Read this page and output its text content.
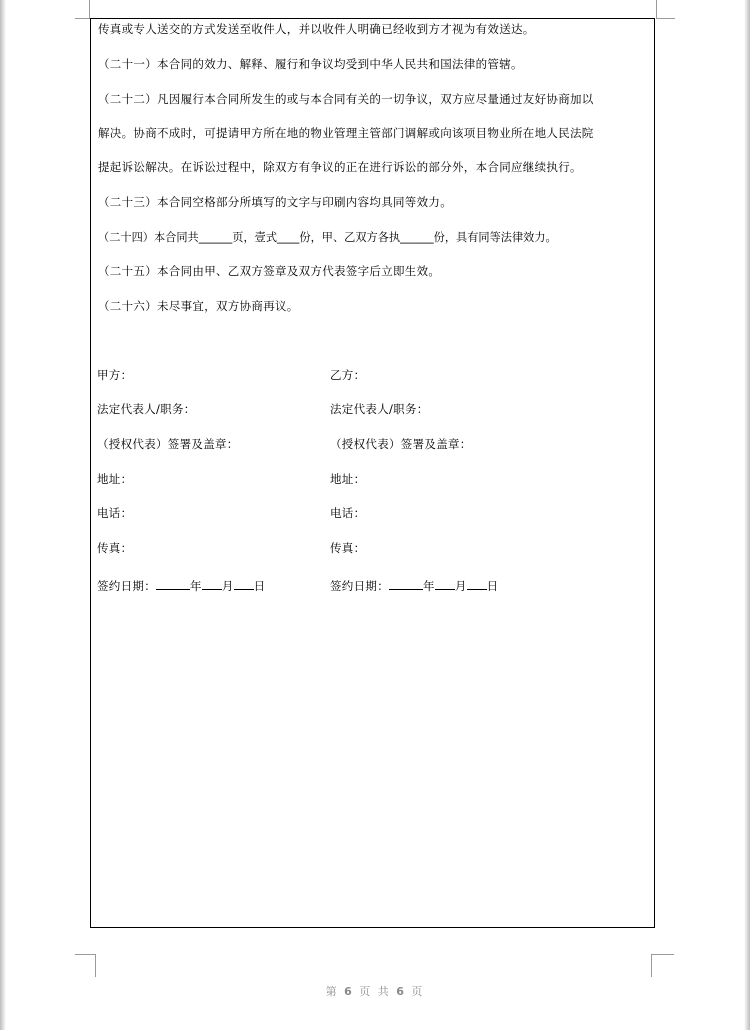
传真或专人送交的方式发送至收件人，并以收件人明确已经收到方才视为有效送达。
（二十一）本合同的效力、解释、履行和争议均受到中华人民共和国法律的管辖。
（二十二）凡因履行本合同所发生的或与本合同有关的一切争议，双方应尽量通过友好协商加以
解决。协商不成时，可提请甲方所在地的物业管理主管部门调解或向该项目物业所在地人民法院
提起诉讼解决。在诉讼过程中，除双方有争议的正在进行诉讼的部分外，本合同应继续执行。
（二十三）本合同空格部分所填写的文字与印刷内容均具同等效力。
（二十四）本合同共______页，壹式____份，甲、乙双方各执______份，具有同等法律效力。
（二十五）本合同由甲、乙双方签章及双方代表签字后立即生效。
（二十六）未尽事宜，双方协商再议。
甲方：
法定代表人/职务：
（授权代表）签署及盖章：
地址：
电话：
传真：
签约日期：	年 月 日
乙方：
法定代表人/职务：
（授权代表）签署及盖章：
地址：
电话：
传真：
签约日期：	年 月 日
第 6 页 共 6 页
